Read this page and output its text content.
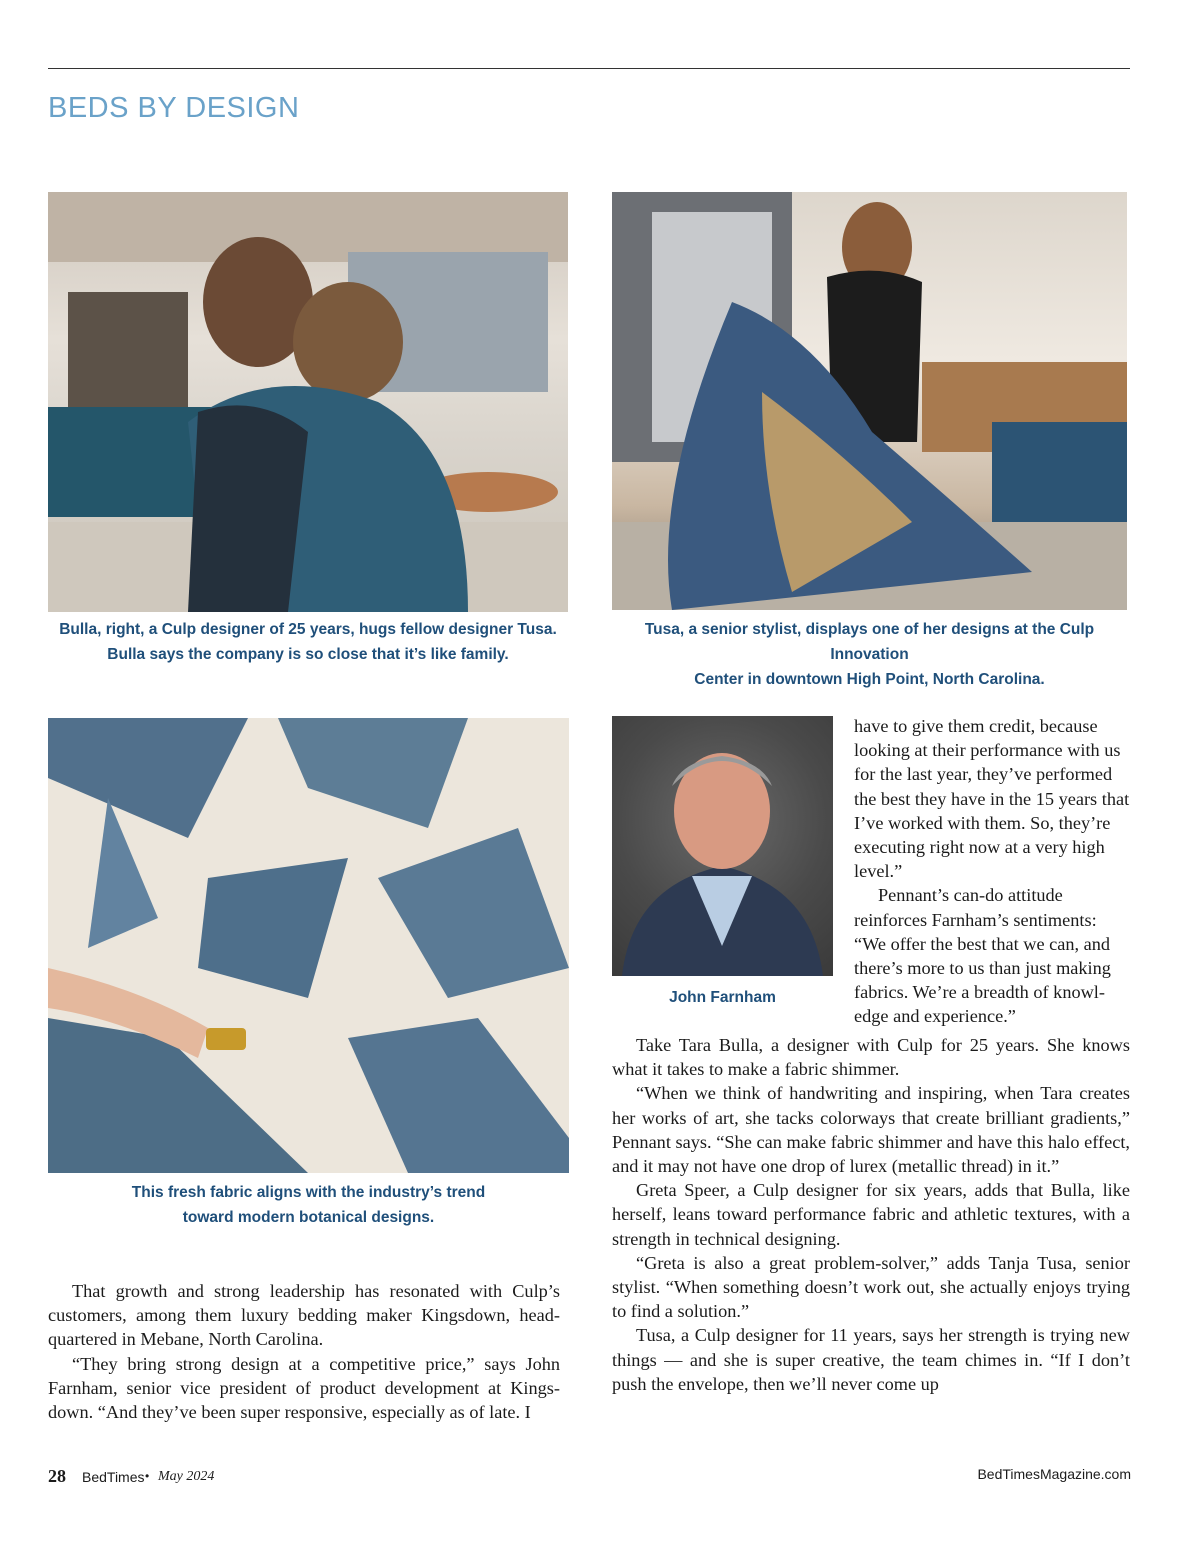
BEDS BY DESIGN
Bulla, right, a Culp designer of 25 years, hugs fellow designer Tusa.
Bulla says the company is so close that it’s like family.
Tusa, a senior stylist, displays one of her designs at the Culp Innovation
Center in downtown High Point, North Carolina.
This fresh fabric aligns with the industry’s trend
toward modern botanical designs.
John Farnham

That growth and strong leadership has resonated with Culp’s customers, among them luxury bedding maker Kingsdown, headquartered in Mebane, North Carolina.

“They bring strong design at a competitive price,” says John Farnham, senior vice president of product development at Kingsdown. “And they’ve been super responsive, especially as of late. I

have to give them credit, because looking at their performance with us for the last year, they’ve performed the best they have in the 15 years that I’ve worked with them. So, they’re executing right now at a very high level.”

Pennant’s can-do attitude reinforces Farnham’s sentiments: “We offer the best that we can, and there’s more to us than just making fabrics. We’re a breadth of knowledge and experience.”

Take Tara Bulla, a designer with Culp for 25 years. She knows what it takes to make a fabric shimmer.

“When we think of handwriting and inspiring, when Tara creates her works of art, she tacks colorways that create brilliant gradients,” Pennant says. “She can make fabric shimmer and have this halo effect, and it may not have one drop of lurex (metallic thread) in it.”

Greta Speer, a Culp designer for six years, adds that Bulla, like herself, leans toward performance fabric and athletic textures, with a strength in technical designing.

“Greta is also a great problem-solver,” adds Tanja Tusa, senior stylist. “When something doesn’t work out, she actually enjoys trying to find a solution.”

Tusa, a Culp designer for 11 years, says her strength is trying new things — and she is super creative, the team chimes in. “If I don’t push the envelope, then we’ll never come up

28 BedTimes • May 2024	BedTimesMagazine.com
